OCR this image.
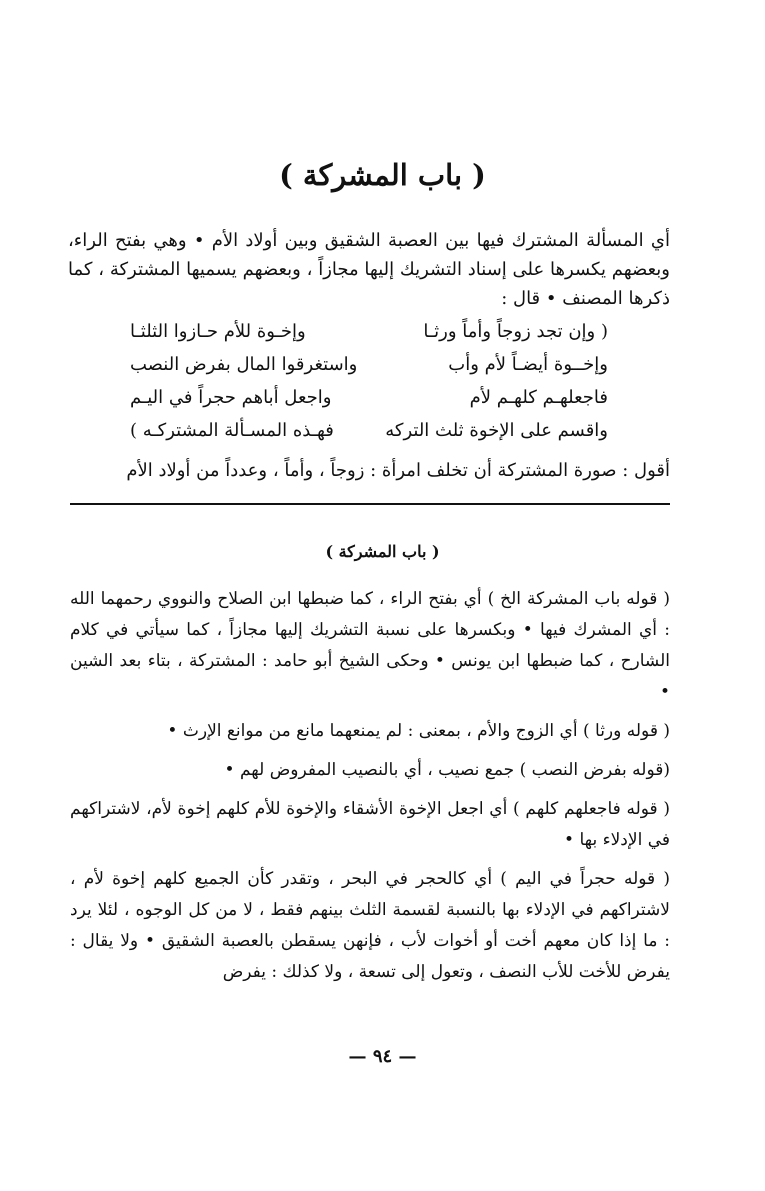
( باب المشركة )

أي المسألة المشترك فيها بين العصبة الشقيق وبين أولاد الأم • وهي بفتح الراء، وبعضهم يكسرها على إسناد التشريك إليها مجازاً ، وبعضهم يسميها المشتركة ، كما ذكرها المصنف • قال :

( وإن تجد زوجاً وأماً ورثـا
وإخـوة للأم حـازوا الثلثـا
وإخــوة أيضـاً لأم وأب
واستغرقوا المال بفرض النصب
فاجعلهـم كلهـم لأم
واجعل أباهم حجراً في اليـم
واقسم على الإخوة ثلث التركه
فهـذه المسـألة المشتركـه )
أقول : صورة المشتركة أن تخلف امرأة : زوجاً ، وأماً ، وعدداً من أولاد الأم
( باب المشركة )

( قوله باب المشركة الخ ) أي بفتح الراء ، كما ضبطها ابن الصلاح والنووي رحمهما الله : أي المشرك فيها • وبكسرها على نسبة التشريك إليها مجازاً ، كما سيأتي في كلام الشارح ، كما ضبطها ابن يونس • وحكى الشيخ أبو حامد : المشتركة ، بتاء بعد الشين •

( قوله ورثا ) أي الزوج والأم ، بمعنى : لم يمنعهما مانع من موانع الإرث •

(قوله بفرض النصب ) جمع نصيب ، أي بالنصيب المفروض لهم •

( قوله فاجعلهم كلهم ) أي اجعل الإخوة الأشقاء والإخوة للأم كلهم إخوة لأم، لاشتراكهم في الإدلاء بها •

( قوله حجراً في اليم ) أي كالحجر في البحر ، وتقدر كأن الجميع كلهم إخوة لأم ، لاشتراكهم في الإدلاء بها بالنسبة لقسمة الثلث بينهم فقط ، لا من كل الوجوه ، لئلا يرد : ما إذا كان معهم أخت أو أخوات لأب ، فإنهن يسقطن بالعصبة الشقيق • ولا يقال : يفرض للأخت للأب النصف ، وتعول إلى تسعة ، ولا كذلك : يفرض

— ٩٤ —
